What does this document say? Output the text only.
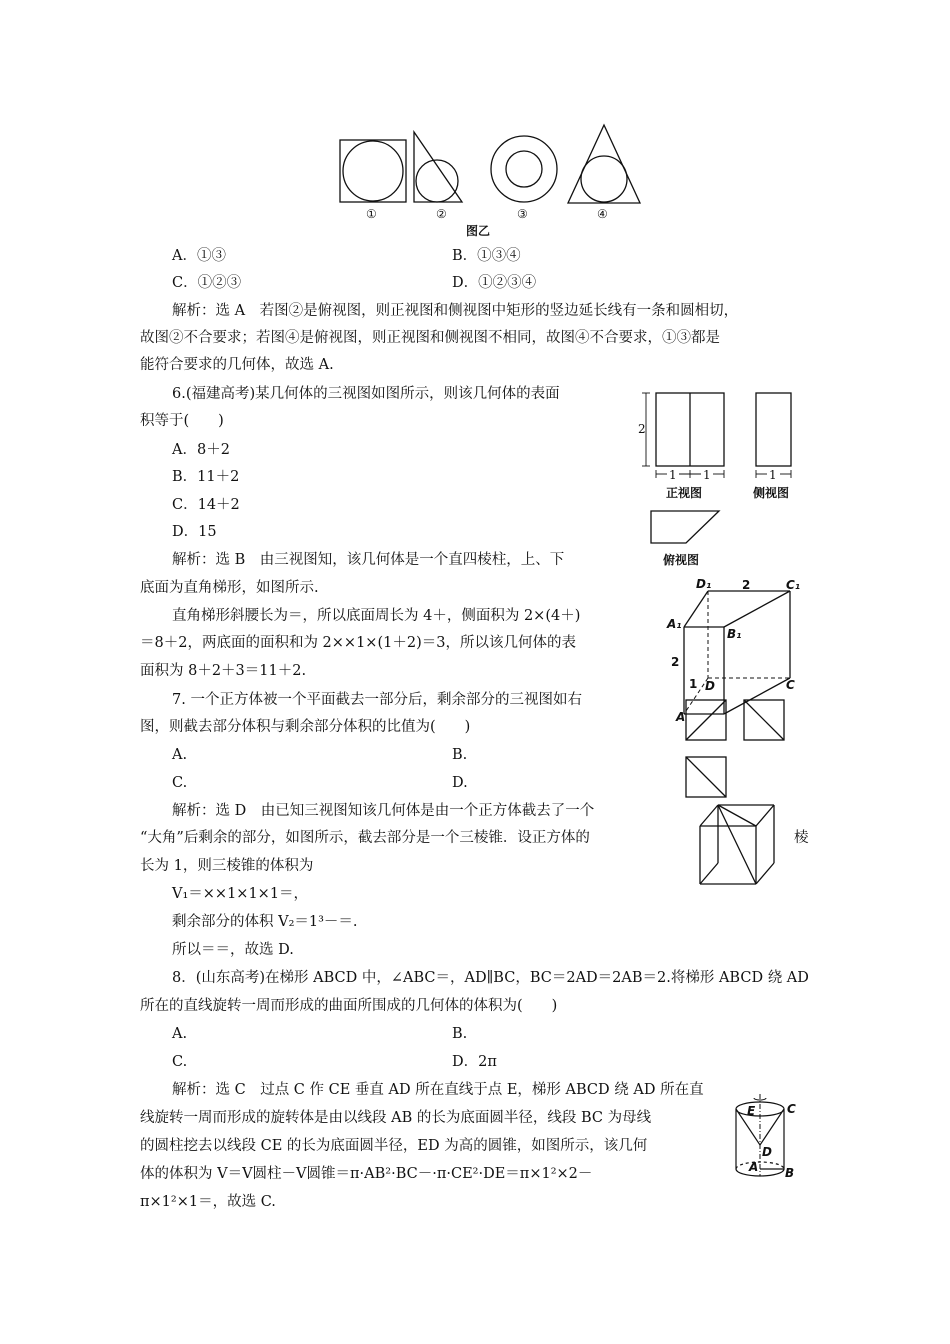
①	②	③	④
图乙
A．①③	B．①③④
C．①②③	D．①②③④
解析：选 A　若图②是俯视图，则正视图和侧视图中矩形的竖边延长线有一条和圆相切，
故图②不合要求；若图④是俯视图，则正视图和侧视图不相同，故图④不合要求，①③都是
能符合要求的几何体，故选 A.
6.(福建高考)某几何体的三视图如图所示，则该几何体的表面
积等于(　　)
A．8＋2
B．11＋2
C．14＋2
D．15
解析：选 B　由三视图知，该几何体是一个直四棱柱，上、下
底面为直角梯形，如图所示.
直角梯形斜腰长为＝，所以底面周长为 4＋，侧面积为 2×(4＋)
＝8＋2，两底面的面积和为 2××1×(1＋2)＝3，所以该几何体的表
面积为 8＋2＋3＝11＋2.
2
1 1	1
正视图	侧视图
俯视图
D₁	2	C₁
A₁
B₁
2
1 D	C
A
7. 一个正方体被一个平面截去一部分后，剩余部分的三视图如右
图，则截去部分体积与剩余部分体积的比值为(　　)
A.	B.
C.	D.
解析：选 D　由已知三视图知该几何体是由一个正方体截去了一个
“大角”后剩余的部分，如图所示，截去部分是一个三棱锥．设正方体的	棱
长为 1，则三棱锥的体积为
V₁＝××1×1×1＝，
剩余部分的体积 V₂＝1³－＝.
所以＝＝，故选 D.
8．(山东高考)在梯形 ABCD 中，∠ABC＝，AD∥BC，BC＝2AD＝2AB＝2.将梯形 ABCD 绕 AD
所在的直线旋转一周而形成的曲面所围成的几何体的体积为(　　)
A.	B.
C.	D．2π
解析：选 C　过点 C 作 CE 垂直 AD 所在直线于点 E，梯形 ABCD 绕 AD 所在直
线旋转一周而形成的旋转体是由以线段 AB 的长为底面圆半径，线段 BC 为母线
的圆柱挖去以线段 CE 的长为底面圆半径，ED 为高的圆锥，如图所示，该几何
体的体积为 V＝V圆柱－V圆锥＝π·AB²·BC－·π·CE²·DE＝π×1²×2－
π×1²×1＝，故选 C.
E	C
D
A B
